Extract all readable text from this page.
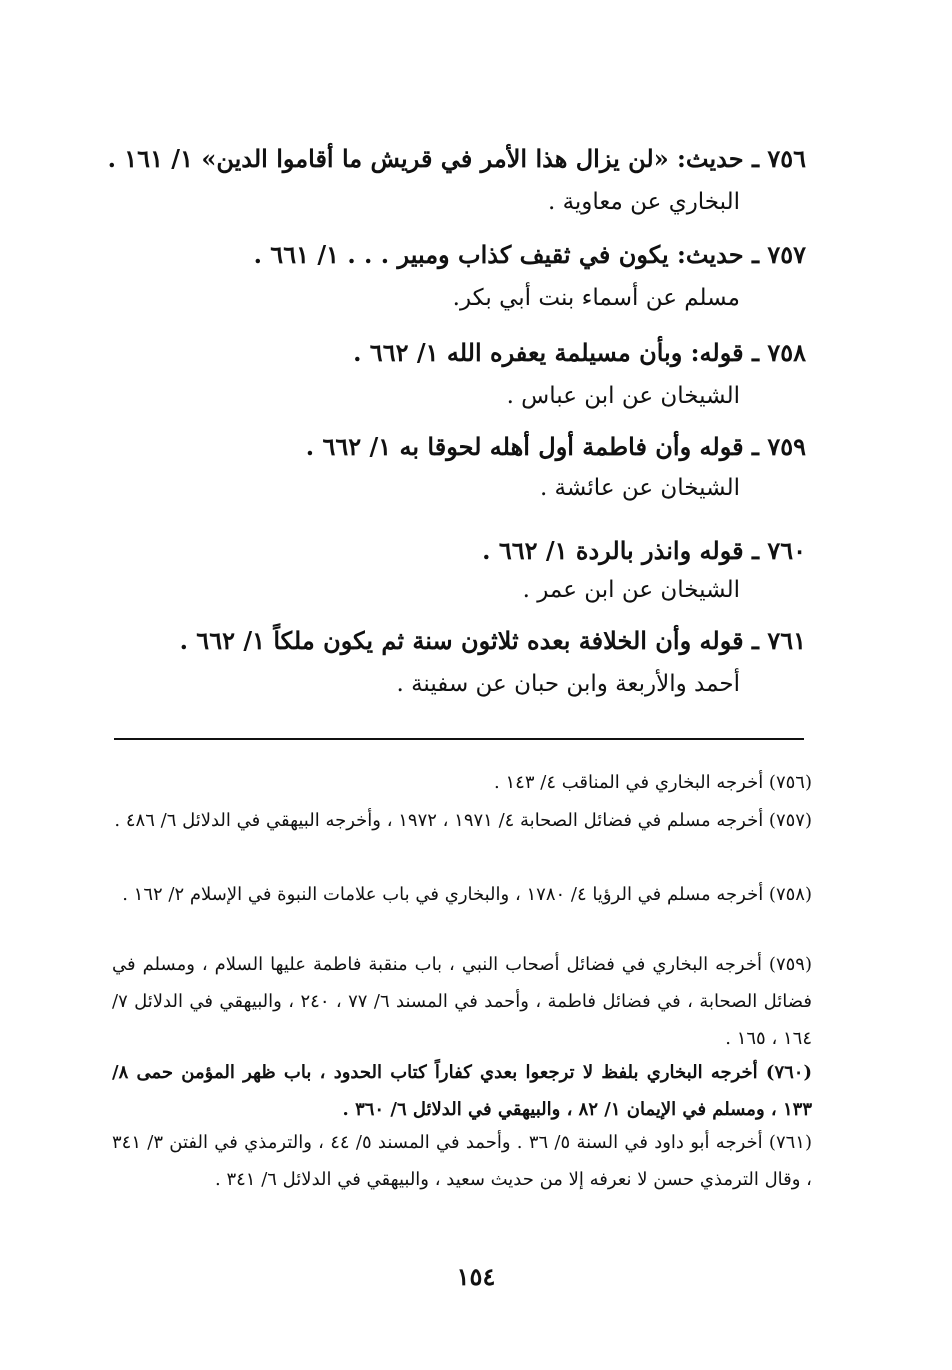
٧٥٦ ـ حديث: «لن يزال هذا الأمر في قريش ما أقاموا الدين» ١/ ١٦١ .
البخاري عن معاوية .
٧٥٧ ـ حديث: يكون في ثقيف كذاب ومبير . . . ١/ ٦٦١ .
مسلم عن أسماء بنت أبي بكر.
٧٥٨ ـ قوله: وبأن مسيلمة يعفره الله ١/ ٦٦٢ .
الشيخان عن ابن عباس .
٧٥٩ ـ قوله وأن فاطمة أول أهله لحوقا به ١/ ٦٦٢ .
الشيخان عن عائشة .
٧٦٠ ـ قوله وانذر بالردة ١/ ٦٦٢ .
الشيخان عن ابن عمر .
٧٦١ ـ قوله وأن الخلافة بعده ثلاثون سنة ثم يكون ملكاً ١/ ٦٦٢ .
أحمد والأربعة وابن حبان عن سفينة .
(٧٥٦) أخرجه البخاري في المناقب ٤/ ١٤٣ .
(٧٥٧) أخرجه مسلم في فضائل الصحابة ٤/ ١٩٧١ ، ١٩٧٢ ، وأخرجه البيهقي في الدلائل ٦/ ٤٨٦ .
(٧٥٨) أخرجه مسلم في الرؤيا ٤/ ١٧٨٠ ، والبخاري في باب علامات النبوة في الإسلام ٢/ ١٦٢ .
(٧٥٩) أخرجه البخاري في فضائل أصحاب النبي ، باب منقبة فاطمة عليها السلام ، ومسلم في فضائل الصحابة ، في فضائل فاطمة ، وأحمد في المسند ٦/ ٧٧ ، ٢٤٠ ، والبيهقي في الدلائل ٧/ ١٦٤ ، ١٦٥ .
(٧٦٠) أخرجه البخاري بلفظ لا ترجعوا بعدي كفاراً كتاب الحدود ، باب ظهر المؤمن حمى ٨/ ١٣٣ ، ومسلم في الإيمان ١/ ٨٢ ، والبيهقي في الدلائل ٦/ ٣٦٠ .
(٧٦١) أخرجه أبو داود في السنة ٥/ ٣٦ . وأحمد في المسند ٥/ ٤٤ ، والترمذي في الفتن ٣/ ٣٤١ ، وقال الترمذي حسن لا نعرفه إلا من حديث سعيد ، والبيهقي في الدلائل ٦/ ٣٤١ .
١٥٤
